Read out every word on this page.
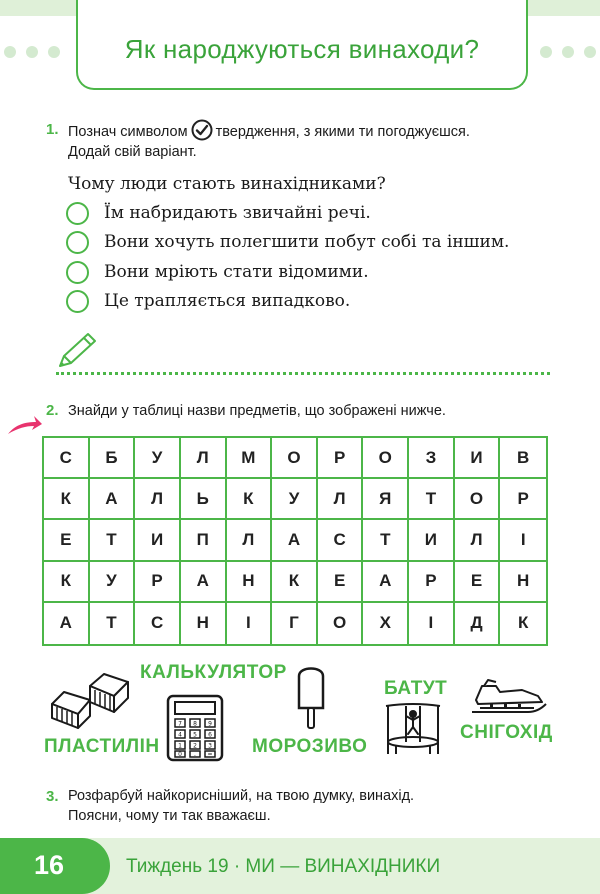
Як народжуються винаходи?
1. Познач символом твердження, з якими ти погоджуєшся.
Додай свій варіант.
Чому люди стають винахідниками?
Їм набридають звичайні речі.
Вони хочуть полегшити побут собі та іншим.
Вони мріють стати відомими.
Це трапляється випадково.
2. Знайди у таблиці назви предметів, що зображені нижче.
С	Б	У	Л	М	О	Р	О	З	И	В
К	А	Л	Ь	К	У	Л	Я	Т	О	Р
Е	Т	И	П	Л	А	С	Т	И	Л	І
К	У	Р	А	Н	К	Е	А	Р	Е	Н
А	Т	С	Н	І	Г	О	Х	І	Д	К
ПЛАСТИЛІН
КАЛЬКУЛЯТОР
7 8 9
4 5 6
1 2 3
0 . = МОРОЗИВО
БАТУТ
СНІГОХІД
3. Розфарбуй найкорисніший, на твою думку, винахід.
Поясни, чому ти так вважаєш.
16	Тиждень 19 · МИ — ВИНАХІДНИКИ
